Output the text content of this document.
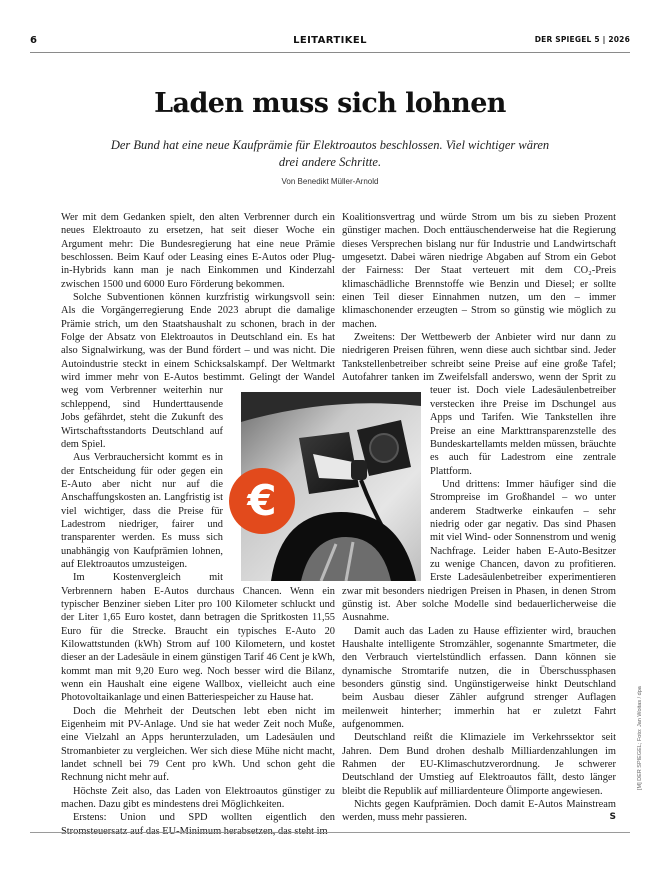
6	LEITARTIKEL	DER SPIEGEL 5 | 2026
Laden muss sich lohnen
Der Bund hat eine neue Kaufprämie für Elektroautos beschlossen. Viel wichtiger wären drei andere Schritte.
Von Benedikt Müller-Arnold

Wer mit dem Gedanken spielt, den alten Verbrenner durch ein neues Elektroauto zu ersetzen, hat seit dieser Woche ein Argument mehr: Die Bundesregierung hat eine neue Prämie beschlossen. Beim Kauf oder Leasing eines E-Autos oder Plug-in-Hybrids kann man je nach Einkommen und Kinderzahl zwischen 1500 und 6000 Euro Förderung bekommen.

Solche Subventionen können kurzfristig wirkungsvoll sein: Als die Vorgängerregierung Ende 2023 abrupt die damalige Prämie strich, um den Staatshaushalt zu schonen, brach in der Folge der Absatz von Elektroautos in Deutschland ein. Es hat also Signalwirkung, was der Bund fördert – und was nicht. Die Autoindustrie steckt in einem Schicksalskampf. Der Weltmarkt wird immer mehr von E-Autos bestimmt. Gelingt der Wandel weg vom Verbrenner weiterhin nur schleppend, sind Hunderttausende Jobs gefährdet, steht die Zukunft des Wirtschaftsstandorts Deutschland auf dem Spiel.

Aus Verbrauchersicht kommt es in der Entscheidung für oder gegen ein E-Auto aber nicht nur auf die Anschaffungskosten an. Langfristig ist viel wichtiger, dass die Preise für Ladestrom niedriger, fairer und transparenter werden. Es muss sich unabhängig von Kaufprämien lohnen, auf Elektroautos umzusteigen.

Im Kostenvergleich mit Verbrennern haben E-Autos durchaus Chancen. Wenn ein typischer Benziner sieben Liter pro 100 Kilometer schluckt und der Liter 1,65 Euro kostet, dann betragen die Spritkosten 11,55 Euro für die Strecke. Braucht ein typisches E-Auto 20 Kilowattstunden (kWh) Strom auf 100 Kilometern, und kostet dieser an der Ladesäule in einem günstigen Tarif 46 Cent je kWh, kommt man mit 9,20 Euro weg. Noch besser wird die Bilanz, wenn ein Haushalt eine eigene Wallbox, vielleicht auch eine Photovoltaikanlage und einen Batteriespeicher zu Hause hat.

Doch die Mehrheit der Deutschen lebt eben nicht im Eigenheim mit PV-Anlage. Und sie hat weder Zeit noch Muße, eine Vielzahl an Apps herunterzuladen, um Ladesäulen und Stromanbieter zu vergleichen. Wer sich diese Mühe nicht macht, landet schnell bei 79 Cent pro kWh. Und schon geht die Rechnung nicht mehr auf.

Höchste Zeit also, das Laden von Elektroautos günstiger zu machen. Dazu gibt es mindestens drei Möglichkeiten.

Erstens: Union und SPD wollten eigentlich den

Koalitionsvertrag und würde Strom um bis zu sieben Prozent günstiger machen. Doch enttäuschenderweise hat die Regierung dieses Versprechen bislang nur für Industrie und Landwirtschaft umgesetzt. Dabei wären niedrige Abgaben auf Strom ein Gebot der Fairness: Der Staat verteuert mit dem CO₂-Preis klimaschädliche Brennstoffe wie Benzin und Diesel; er sollte einen Teil dieser Einnahmen nutzen, um den – immer klimaschonender erzeugten – Strom so günstig wie möglich zu machen.

Zweitens: Der Wettbewerb der Anbieter wird nur dann zu niedrigeren Preisen führen, wenn diese auch sichtbar sind. Jeder Tankstellenbetreiber schreibt seine Preise auf eine große Tafel; Autofahrer tanken im Zweifelsfall anderswo, wenn der Sprit zu teuer ist. Doch viele Ladesäulenbetreiber verstecken ihre Preise im Dschungel aus Apps und Tarifen. Wie Tankstellen ihre Preise an eine Markttransparenzstelle des Bundeskartellamts melden müssen, bräuchte es auch für Ladestrom eine zentrale Plattform.

Und drittens: Immer häufiger sind die Strompreise im Großhandel – wo unter anderem Stadtwerke einkaufen – sehr niedrig oder gar negativ. Das sind Phasen mit viel Wind- oder Sonnenstrom und wenig Nachfrage. Leider haben E-Auto-Besitzer zu wenige Chancen, davon zu profitieren. Erste Ladesäulenbetreiber experimentieren zwar mit besonders niedrigen Preisen in Phasen, in denen Strom günstig ist. Aber solche Modelle sind bedauerlicherweise die Ausnahme.

Damit auch das Laden zu Hause effizienter wird, brauchen Haushalte intelligente Stromzähler, sogenannte Smartmeter, die den Verbrauch viertelstündlich erfassen. Dann können sie dynamische Stromtarife nutzen, die in Überschussphasen besonders günstig sind. Ungünstigerweise hinkt Deutschland beim Ausbau dieser Zähler aufgrund strenger Auflagen meilenweit hinterher; immerhin hat er zuletzt Fahrt aufgenommen.

Deutschland reißt die Klimaziele im Verkehrssektor seit Jahren. Dem Bund drohen deshalb Milliardenzahlungen im Rahmen der EU-Klimaschutzverordnung. Je schwerer Deutschland der Umstieg auf Elektroautos fällt, desto länger bleibt die Republik auf milliardenteure Ölimporte angewiesen.

Nichts gegen Kaufprämien. Doch damit E-Autos Mainstream werden, muss mehr passieren.	S

€
[M] DER SPIEGEL; Foto: Jan Woitas / dpa
